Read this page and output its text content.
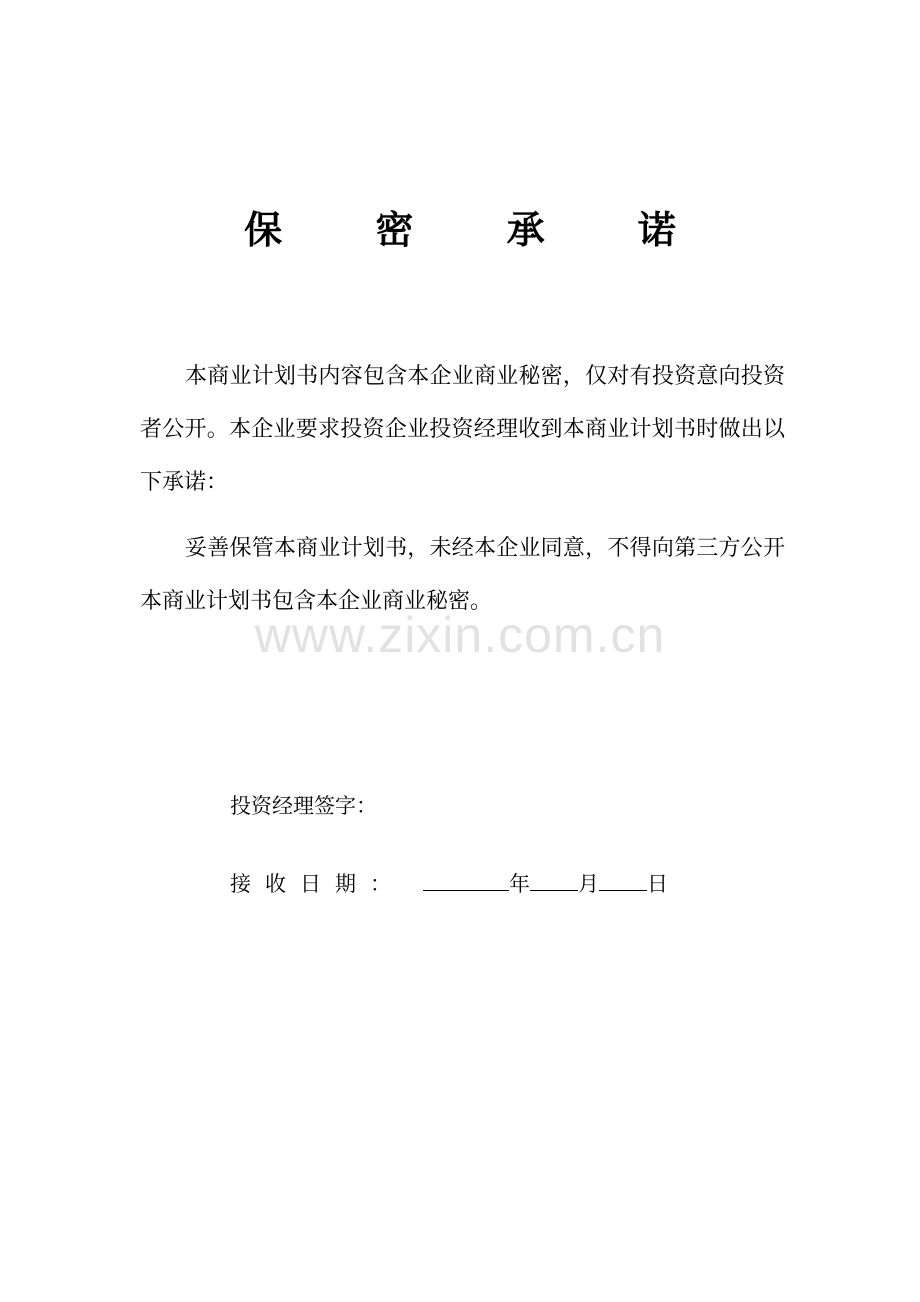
保 密 承 诺

本商业计划书内容包含本企业商业秘密，仅对有投资意向投资者公开。本企业要求投资企业投资经理收到本商业计划书时做出以下承诺：

妥善保管本商业计划书，未经本企业同意，不得向第三方公开本商业计划书包含本企业商业秘密。

www.zixin.com.cn
投资经理签字：
接收日期：	年 月 日
